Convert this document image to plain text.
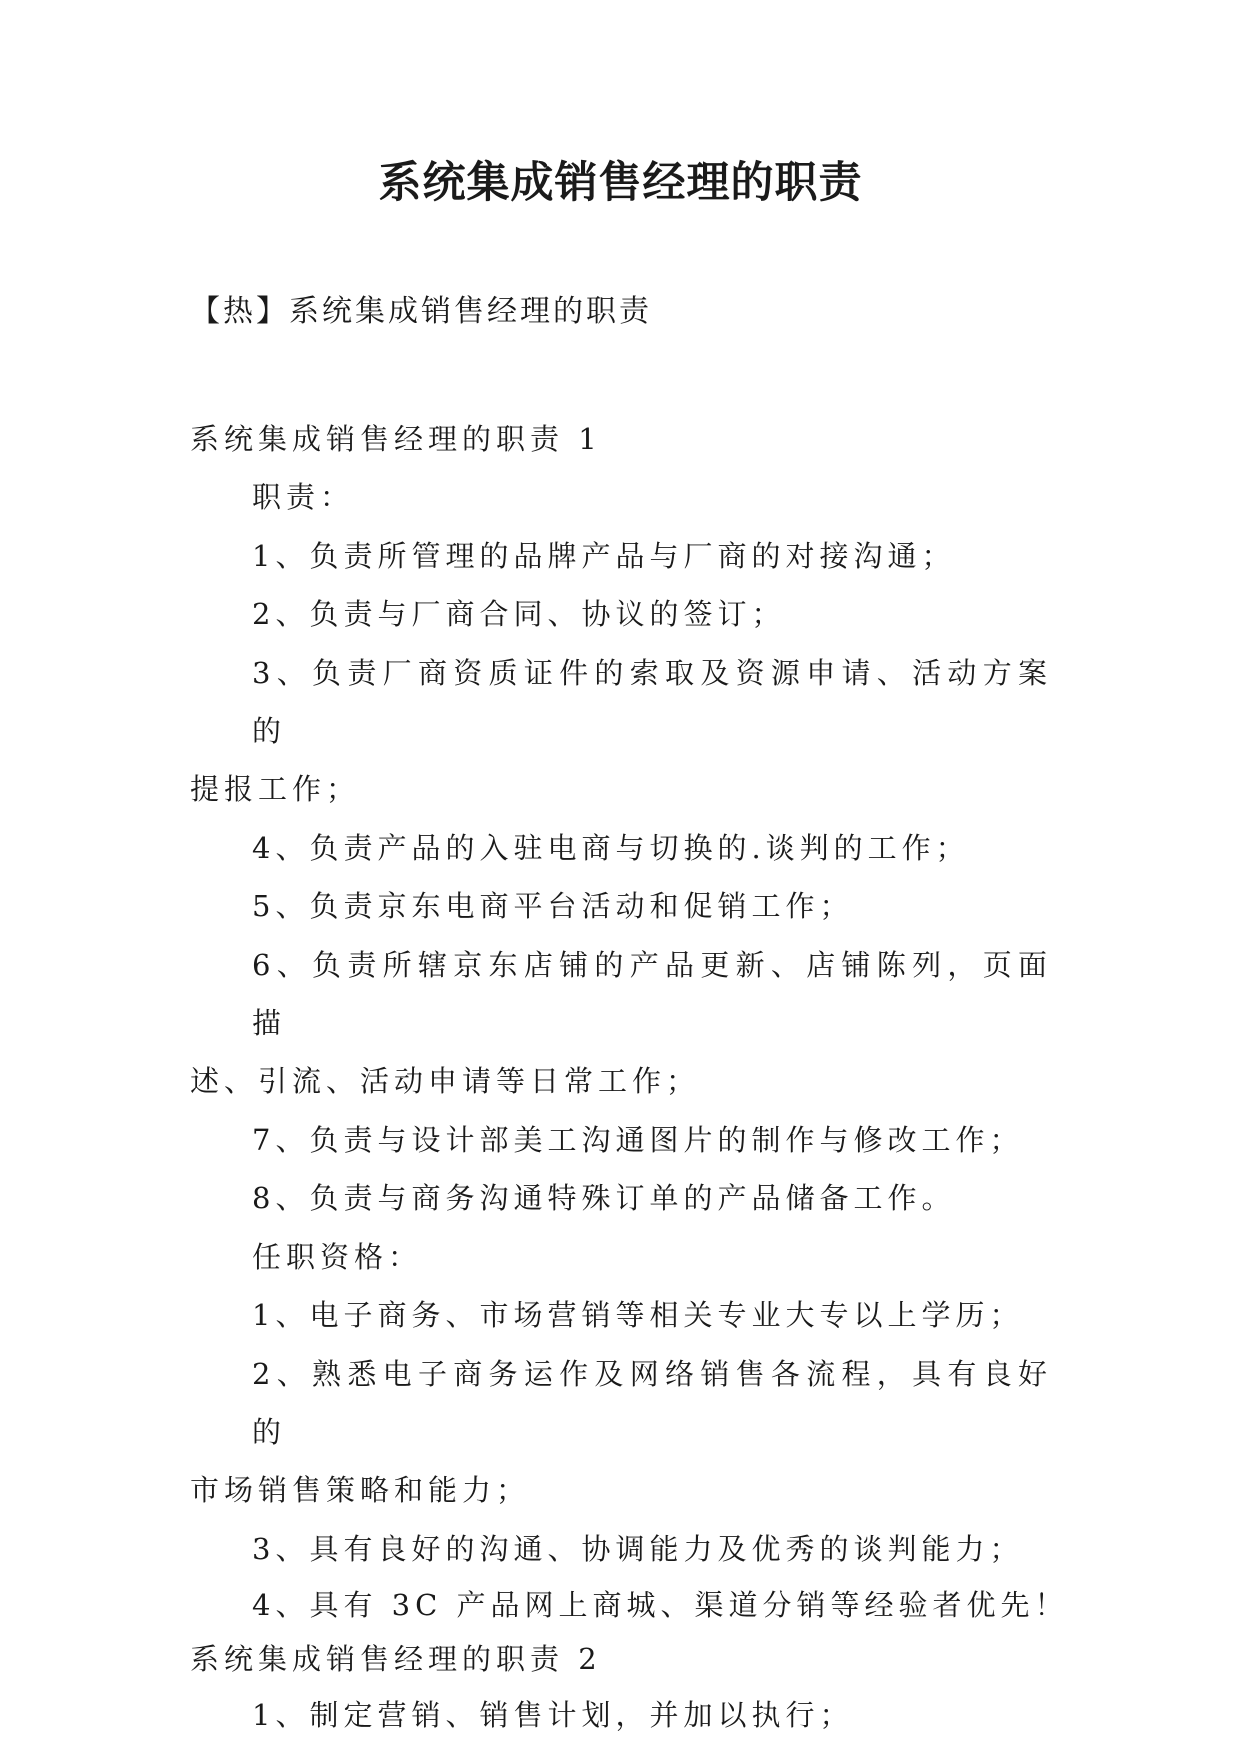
系统集成销售经理的职责

【热】系统集成销售经理的职责

系统集成销售经理的职责 1

职责：

1、负责所管理的品牌产品与厂商的对接沟通；

2、负责与厂商合同、协议的签订；

3、负责厂商资质证件的索取及资源申请、活动方案的

提报工作；

4、负责产品的入驻电商与切换的.谈判的工作；

5、负责京东电商平台活动和促销工作；

6、负责所辖京东店铺的产品更新、店铺陈列，页面描

述、引流、活动申请等日常工作；

7、负责与设计部美工沟通图片的制作与修改工作；

8、负责与商务沟通特殊订单的产品储备工作。

任职资格：

1、电子商务、市场营销等相关专业大专以上学历；

2、熟悉电子商务运作及网络销售各流程，具有良好的

市场销售策略和能力；

3、具有良好的沟通、协调能力及优秀的谈判能力；

4、具有 3C 产品网上商城、渠道分销等经验者优先！

系统集成销售经理的职责 2

1、制定营销、销售计划，并加以执行；
